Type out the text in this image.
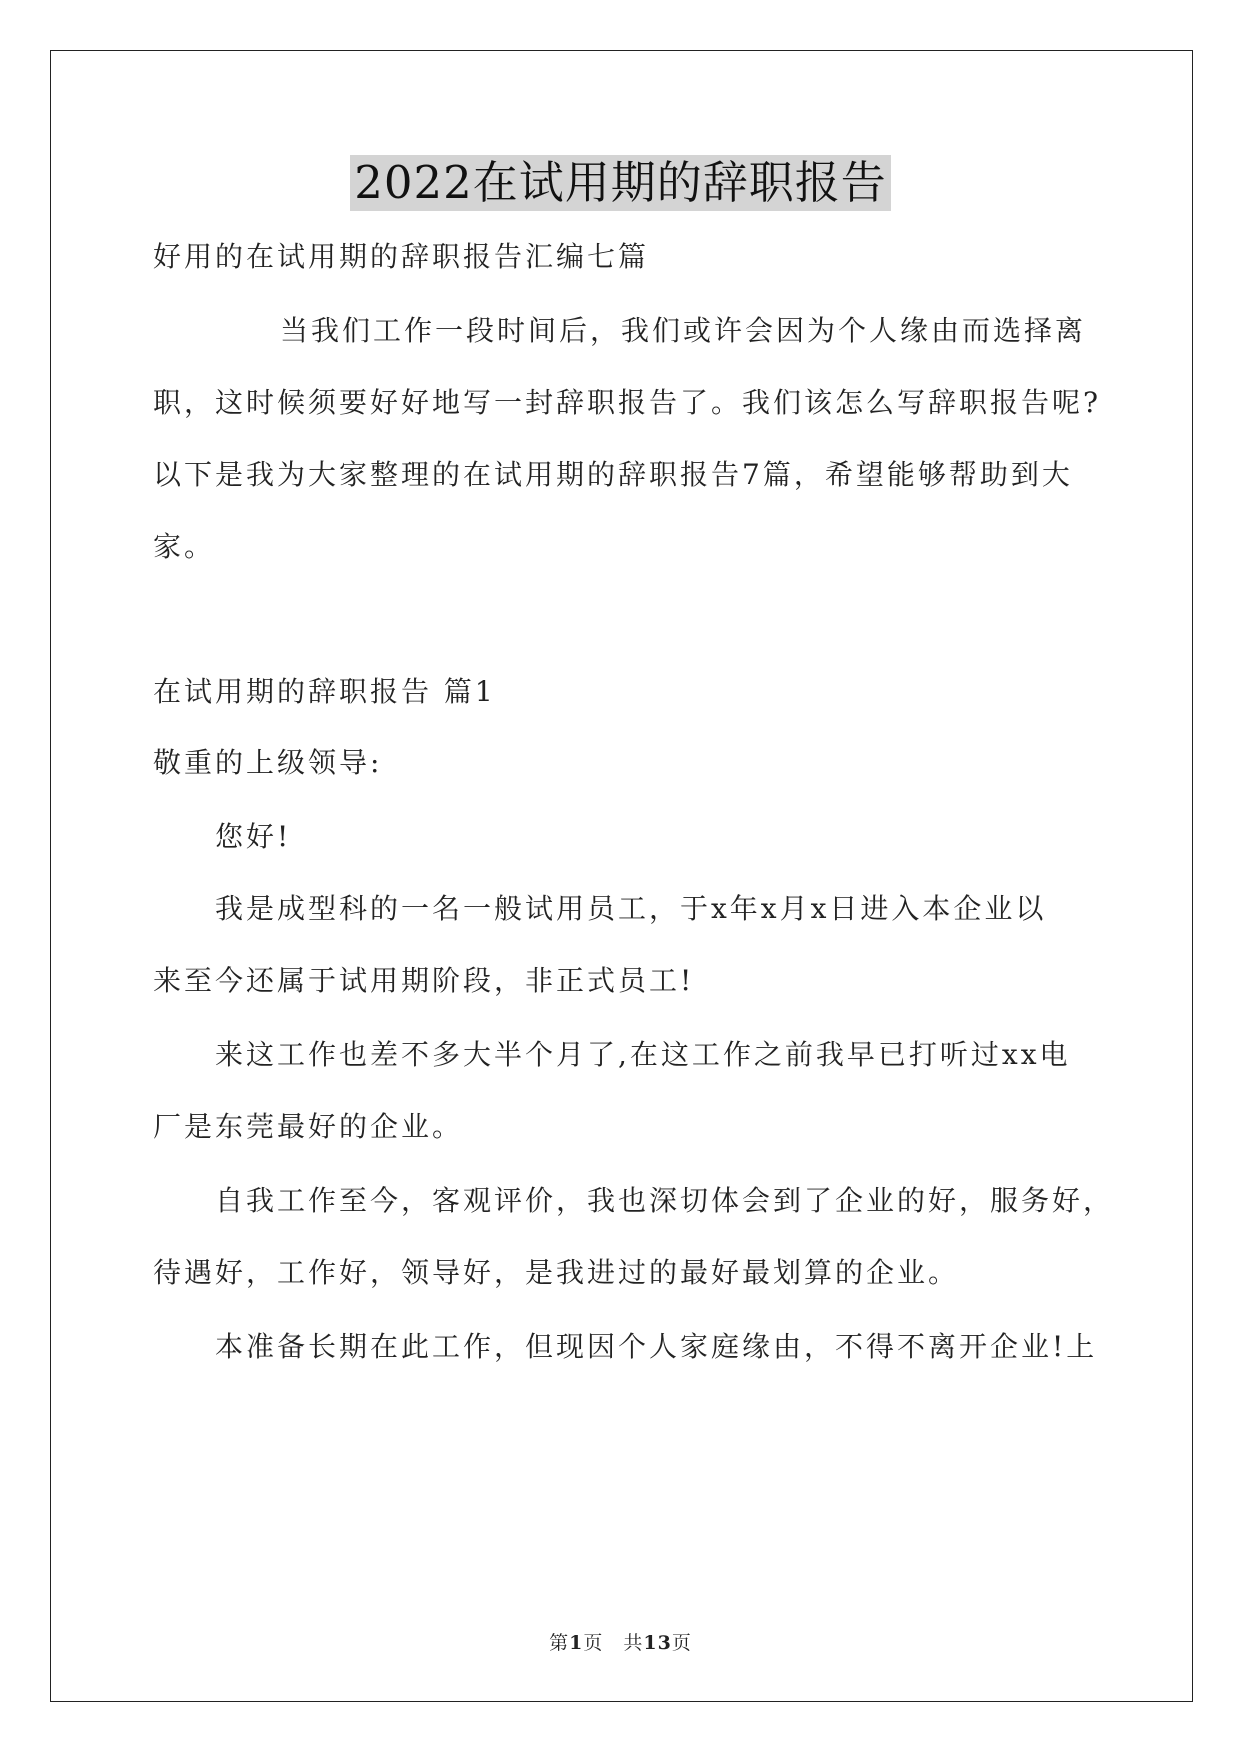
2022在试用期的辞职报告
好用的在试用期的辞职报告汇编七篇
当我们工作一段时间后，我们或许会因为个人缘由而选择离
职，这时候须要好好地写一封辞职报告了。我们该怎么写辞职报告呢?
以下是我为大家整理的在试用期的辞职报告7篇，希望能够帮助到大
家。
在试用期的辞职报告 篇1
敬重的上级领导:
您好!
我是成型科的一名一般试用员工，于x年x月x日进入本企业以
来至今还属于试用期阶段，非正式员工!
来这工作也差不多大半个月了,在这工作之前我早已打听过xx电
厂是东莞最好的企业。
自我工作至今，客观评价，我也深切体会到了企业的好，服务好，
待遇好，工作好，领导好，是我进过的最好最划算的企业。
本准备长期在此工作，但现因个人家庭缘由，不得不离开企业!上
第1页　共13页
